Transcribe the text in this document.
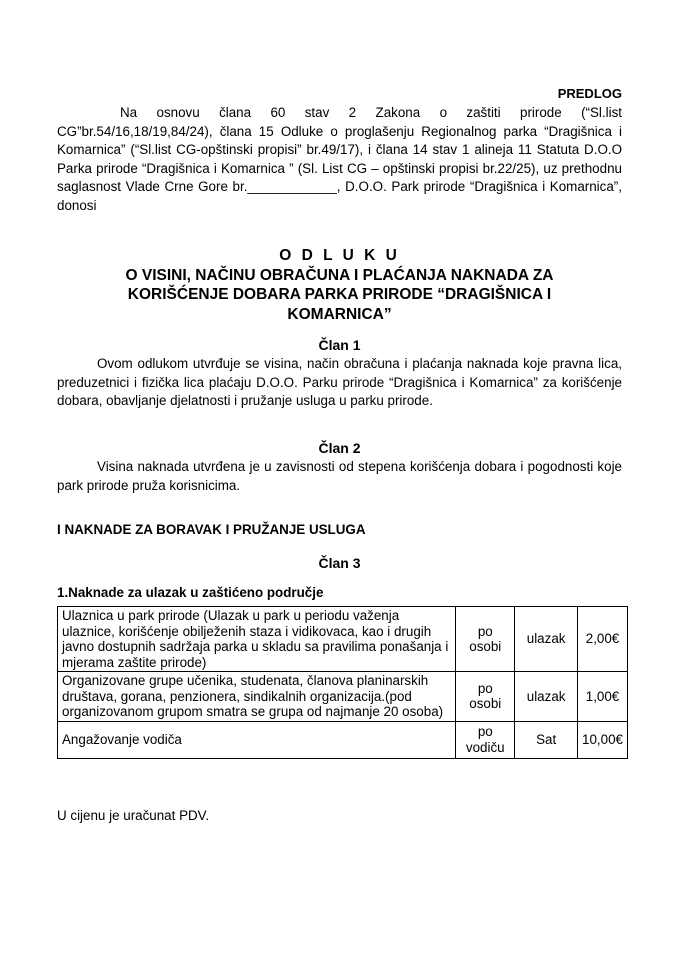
PREDLOG

Na osnovu člana 60 stav 2 Zakona o zaštiti prirode (“Sl.list CG”br.54/16,18/19,84/24), člana 15 Odluke o proglašenju Regionalnog parka “Dragišnica i Komarnica” (“Sl.list CG-opštinski propisi” br.49/17), i člana 14 stav 1 alineja 11 Statuta D.O.O Parka prirode “Dragišnica i Komarnica ” (Sl. List CG – opštinski propisi br.22/25), uz prethodnu saglasnost Vlade Crne Gore br.____________, D.O.O. Park prirode “Dragišnica i Komarnica”, donosi

O D L U K U
O VISINI, NAČINU OBRAČUNA I PLAĆANJA NAKNADA ZA
KORIŠĆENJE DOBARA PARKA PRIRODE “DRAGIŠNICA I
KOMARNICA”
Član 1

Ovom odlukom utvrđuje se visina, način obračuna i plaćanja naknada koje pravna lica, preduzetnici i fizička lica plaćaju D.O.O. Parku prirode “Dragišnica i Komarnica” za korišćenje dobara, obavljanje djelatnosti i pružanje usluga u parku prirode.

Član 2

Visina naknada utvrđena je u zavisnosti od stepena korišćenja dobara i pogodnosti koje park prirode pruža korisnicima.

I NAKNADE ZA BORAVAK I PRUŽANJE USLUGA
Član 3
1.Naknade za ulazak u zaštićeno područje
Ulaznica u park prirode (Ulazak u park u periodu važenja ulaznice, korišćenje obilježenih staza i vidikovaca, kao i drugih javno dostupnih sadržaja parka u skladu sa pravilima ponašanja i mjerama zaštite prirode)	po osobi	ulazak	2,00€
Organizovane grupe učenika, studenata, članova planinarskih društava, gorana, penzionera, sindikalnih organizacija.(pod organizovanom grupom smatra se grupa od najmanje 20 osoba)	po osobi	ulazak	1,00€
Angažovanje vodiča	po vodiču	Sat	10,00€
U cijenu je uračunat PDV.
